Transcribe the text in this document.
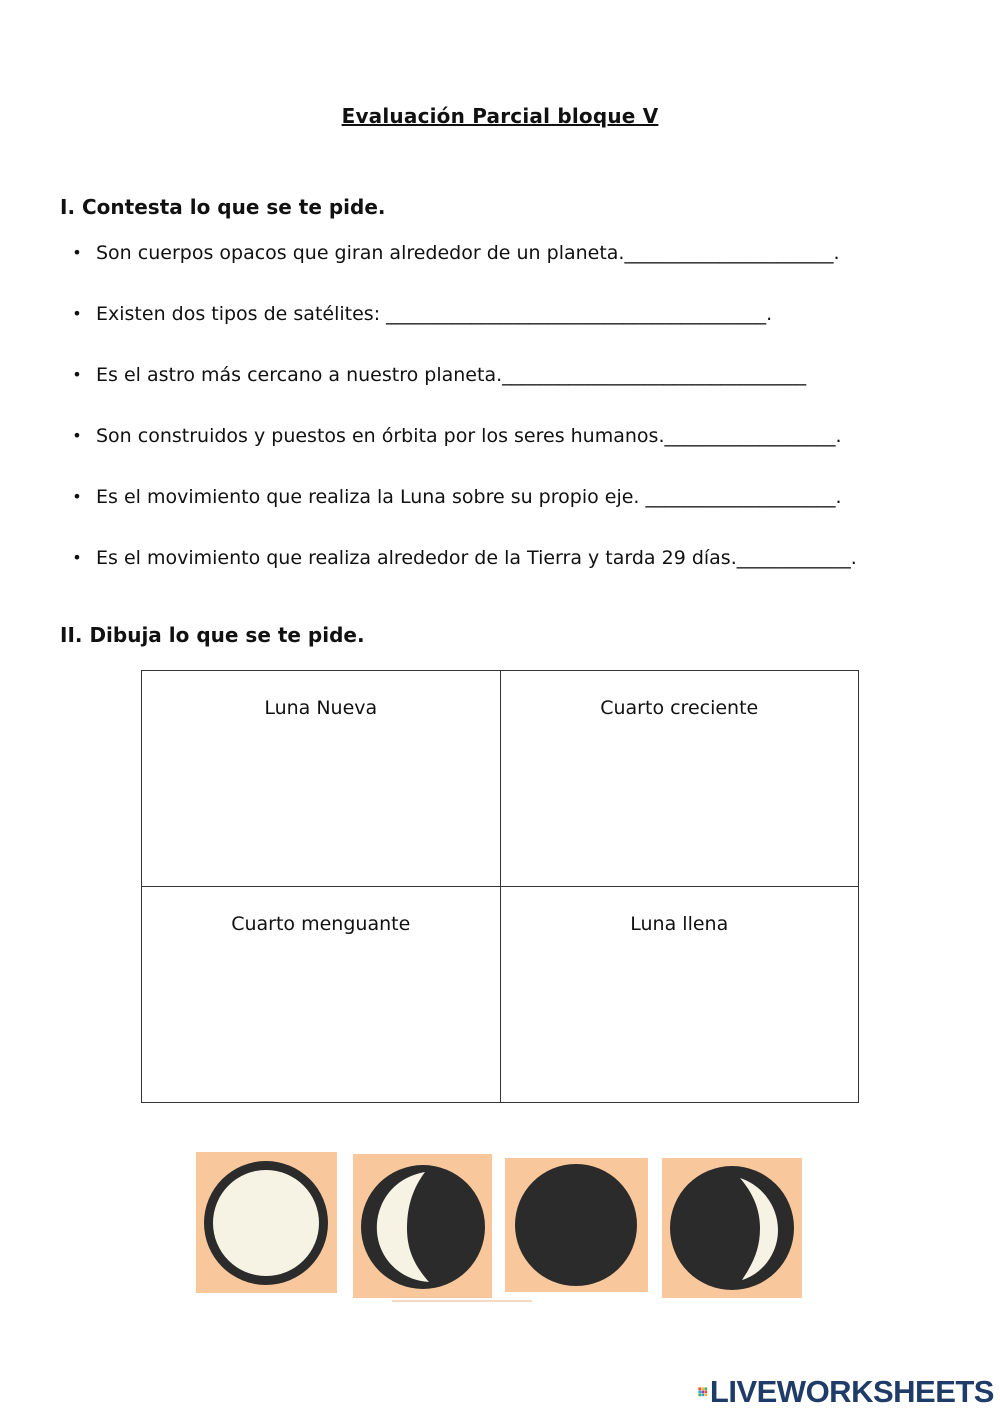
Evaluación Parcial bloque V
I. Contesta lo que se te pide.
• Son cuerpos opacos que giran alrededor de un planeta.______________________.
• Existen dos tipos de satélites: ________________________________________.
• Es el astro más cercano a nuestro planeta.________________________________
• Son construidos y puestos en órbita por los seres humanos.__________________.
• Es el movimiento que realiza la Luna sobre su propio eje. ____________________.
• Es el movimiento que realiza alrededor de la Tierra y tarda 29 días.____________.
II. Dibuja lo que se te pide.
Luna Nueva	Cuarto creciente
Cuarto menguante	Luna llena
LIVEWORKSHEETS
